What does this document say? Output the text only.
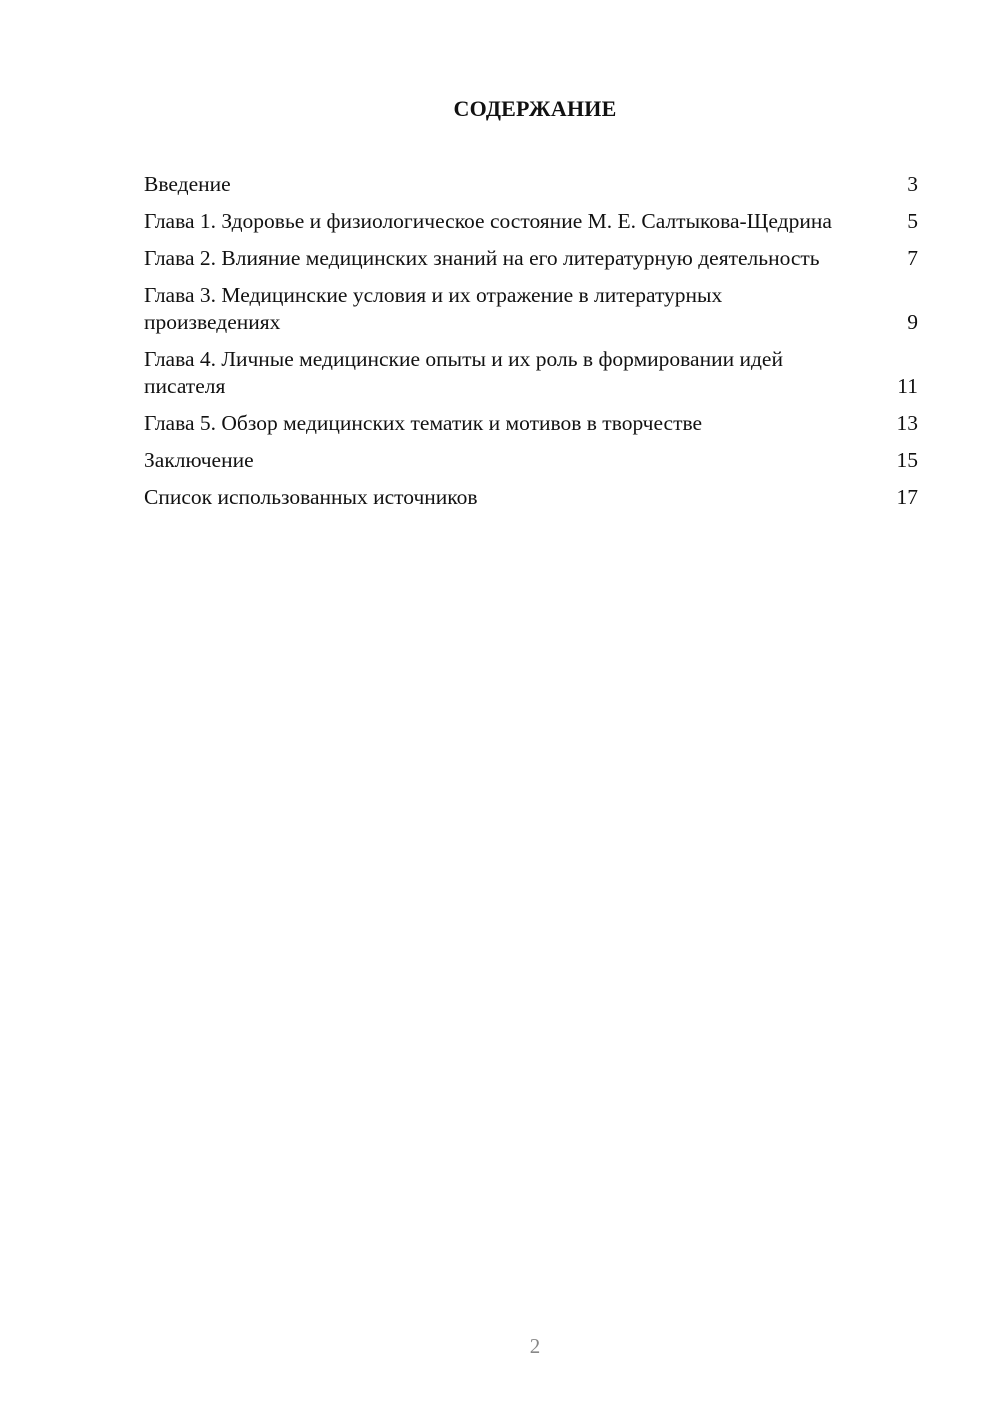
СОДЕРЖАНИЕ
Введение	3
Глава 1. Здоровье и физиологическое состояние М. Е. Салтыкова-Щедрина	5
Глава 2. Влияние медицинских знаний на его литературную деятельность	7
Глава 3. Медицинские условия и их отражение в литературных произведениях	9
Глава 4. Личные медицинские опыты и их роль в формировании идей писателя	11
Глава 5. Обзор медицинских тематик и мотивов в творчестве	13
Заключение	15
Список использованных источников	17
2
